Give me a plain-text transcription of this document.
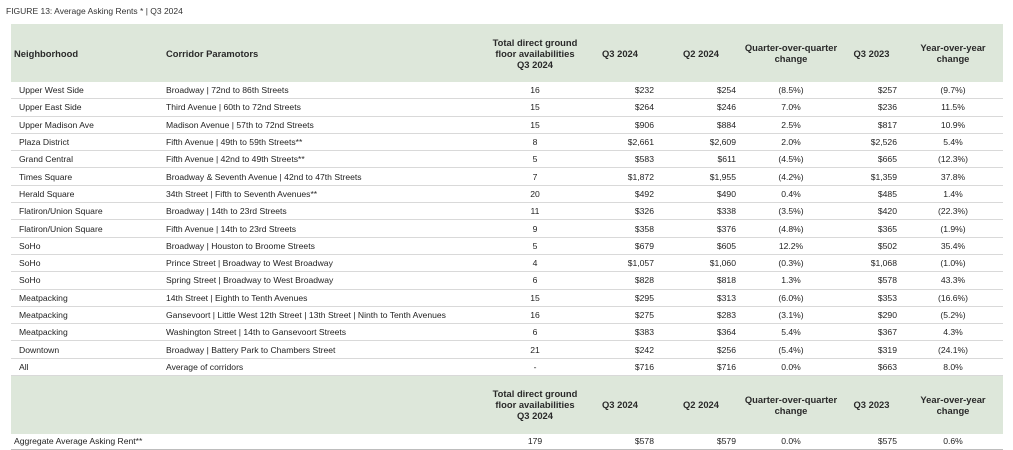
FIGURE 13: Average Asking Rents * | Q3 2024
Neighborhood	Corridor Paramotors	Total direct ground floor availabilities Q3 2024	Q3 2024	Q2 2024	Quarter-over-quarter change	Q3 2023	Year-over-year change
Upper West Side	Broadway | 72nd to 86th Streets	16	$232	$254	(8.5%)	$257	(9.7%)
Upper East Side	Third Avenue | 60th to 72nd Streets	15	$264	$246	7.0%	$236	11.5%
Upper Madison Ave	Madison Avenue | 57th to 72nd Streets	15	$906	$884	2.5%	$817	10.9%
Plaza District	Fifth Avenue | 49th to 59th Streets**	8	$2,661	$2,609	2.0%	$2,526	5.4%
Grand Central	Fifth Avenue | 42nd to 49th Streets**	5	$583	$611	(4.5%)	$665	(12.3%)
Times Square	Broadway & Seventh Avenue | 42nd to 47th Streets	7	$1,872	$1,955	(4.2%)	$1,359	37.8%
Herald Square	34th Street | Fifth to Seventh Avenues**	20	$492	$490	0.4%	$485	1.4%
Flatiron/Union Square	Broadway | 14th to 23rd Streets	11	$326	$338	(3.5%)	$420	(22.3%)
Flatiron/Union Square	Fifth Avenue | 14th to 23rd Streets	9	$358	$376	(4.8%)	$365	(1.9%)
SoHo	Broadway | Houston to Broome Streets	5	$679	$605	12.2%	$502	35.4%
SoHo	Prince Street | Broadway to West Broadway	4	$1,057	$1,060	(0.3%)	$1,068	(1.0%)
SoHo	Spring Street | Broadway to West Broadway	6	$828	$818	1.3%	$578	43.3%
Meatpacking	14th Street | Eighth to Tenth Avenues	15	$295	$313	(6.0%)	$353	(16.6%)
Meatpacking	Gansevoort | Little West 12th Street | 13th Street | Ninth to Tenth Avenues	16	$275	$283	(3.1%)	$290	(5.2%)
Meatpacking	Washington Street | 14th to Gansevoort Streets	6	$383	$364	5.4%	$367	4.3%
Downtown	Broadway | Battery Park to Chambers Street	21	$242	$256	(5.4%)	$319	(24.1%)
All	Average of corridors	-	$716	$716	0.0%	$663	8.0%
		Total direct ground floor availabilities Q3 2024	Q3 2024	Q2 2024	Quarter-over-quarter change	Q3 2023	Year-over-year change
Aggregate Average Asking Rent**		179	$578	$579	0.0%	$575	0.6%
